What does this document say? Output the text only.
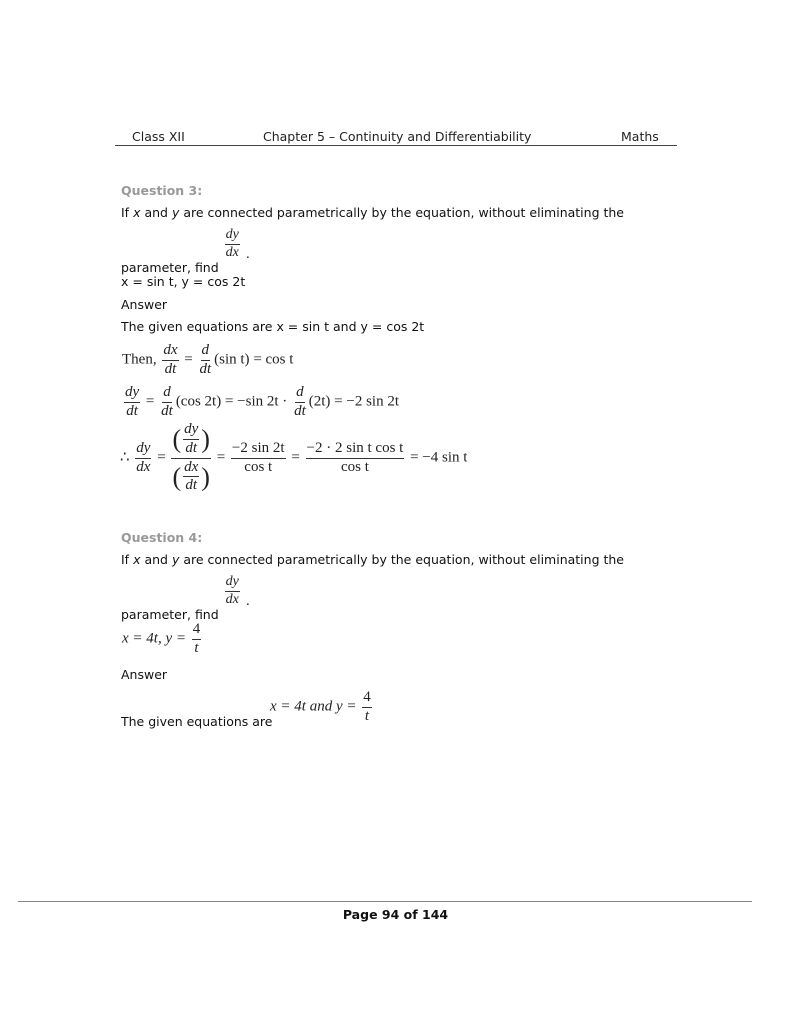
Class XII	Chapter 5 – Continuity and Differentiability	Maths
Question 3:
If x and y are connected parametrically by the equation, without eliminating the
parameter, find
$\frac{dy}{dx}$ .
x = sin t, y = cos 2t
Answer
The given equations are x = sin t and y = cos 2t
Then, $\frac{dx}{dt} = \frac{d}{dt} (\sin$ t) = cos t
$\frac{dy}{dt} = \frac{d}{dt} (\cos$ 2t) = −sin $2t \cdot \frac{d}{dt} (2t) = -2$ sin 2t
∴ $\frac{dy}{dx} = \frac{( \frac{dy}{dt} )}{( \frac{dx}{dt} )} = \frac{-2 \sin 2t}{\text{cos t}} = \frac{\text{−2 · 2 sin t cos t}}{\text{cos t}} = -4$ sin t
Question 4:
If x and y are connected parametrically by the equation, without eliminating the
parameter, find
$\frac{dy}{dx}$ .
x = 4t, $y = \frac{4}{t}$
Answer
The given equations are
x = 4t and $y = \frac{4}{t}$
Page 94 of 144
